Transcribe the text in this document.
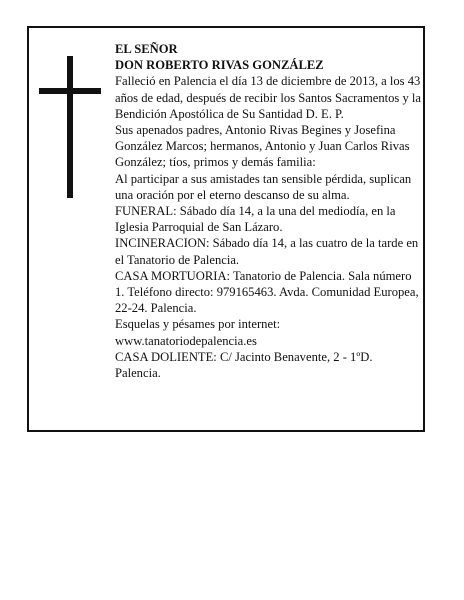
EL SEÑOR

DON ROBERTO RIVAS GONZÁLEZ

Falleció en Palencia el día 13 de diciembre de 2013, a los 43 años de edad, después de recibir los Santos Sacramentos y la Bendición Apostólica de Su Santidad D. E. P.

Sus apenados padres, Antonio Rivas Begines y Josefina González Marcos; hermanos, Antonio y Juan Carlos Rivas González; tíos, primos y demás familia:

Al participar a sus amistades tan sensible pérdida, suplican una oración por el eterno descanso de su alma.

FUNERAL: Sábado día 14, a la una del mediodía, en la Iglesia Parroquial de San Lázaro.

INCINERACION: Sábado día 14, a las cuatro de la tarde en el Tanatorio de Palencia.

CASA MORTUORIA: Tanatorio de Palencia. Sala número 1. Teléfono directo: 979165463. Avda. Comunidad Europea, 22-24. Palencia.

Esquelas y pésames por internet: www.tanatoriodepalencia.es

CASA DOLIENTE: C/ Jacinto Benavente, 2 - 1ºD. Palencia.
